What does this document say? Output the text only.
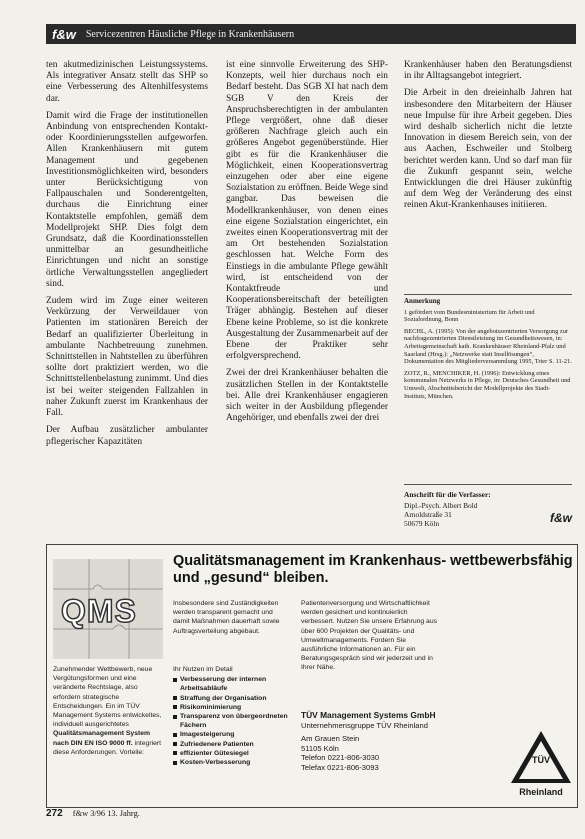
f&w	Servicezentren Häusliche Pflege in Krankenhäusern

ten akutmedizinischen Leistungssystems. Als integrativer Ansatz stellt das SHP so eine Verbesserung des Altenhilfesystems dar.

Damit wird die Frage der institutionellen Anbindung von entsprechenden Kontakt- oder Koordinierungsstellen aufgeworfen. Allen Krankenhäusern mit gutem Management und gegebenen Investitionsmöglichkeiten wird, besonders unter Berücksichtigung von Fallpauschalen und Sonderentgelten, durchaus die Einrichtung einer Kontaktstelle empfohlen, gemäß dem Modellprojekt SHP. Dies folgt dem Grundsatz, daß die Koordinationsstellen unmittelbar an gesundheitliche Einrichtungen und nicht an sonstige örtliche Verwaltungsstellen angegliedert sind.

Zudem wird im Zuge einer weiteren Verkürzung der Verweildauer von Patienten im stationären Bereich der Bedarf an qualifizierter Überleitung in ambulante Nachbetreuung zunehmen. Schnittstellen in Nahtstellen zu überführen sollte dort praktiziert werden, wo die Schnittstellenbelastung zunimmt. Und dies ist bei weiter steigenden Fallzahlen in naher Zukunft zuerst im Krankenhaus der Fall.

Der Aufbau zusätzlicher ambulanter pflegerischer Kapazitäten

ist eine sinnvolle Erweiterung des SHP-Konzepts, weil hier durchaus noch ein Bedarf besteht. Das SGB XI hat nach dem SGB V den Kreis der Anspruchsberechtigten in der ambulanten Pflege vergrößert, ohne daß dieser größeren Nachfrage gleich auch ein größeres Angebot gegenüberstünde. Hier gibt es für die Krankenhäuser die Möglichkeit, einen Kooperationsvertrag einzugehen oder aber eine eigene Sozialstation zu eröffnen. Beide Wege sind gangbar. Das beweisen die Modellkrankenhäuser, von denen eines eine eigene Sozialstation eingerichtet, ein zweites einen Kooperationsvertrag mit der am Ort bestehenden Sozialstation geschlossen hat. Welche Form des Einstiegs in die ambulante Pflege gewählt wird, ist entscheidend von der Kontaktfreude und Kooperationsbereitschaft der beteiligten Träger abhängig. Bestehen auf dieser Ebene keine Probleme, so ist die konkrete Ausgestaltung der Zusammenarbeit auf der Ebene der Praktiker sehr erfolgversprechend.

Zwei der drei Krankenhäuser behalten die zusätzlichen Stellen in der Kontaktstelle bei. Alle drei Krankenhäuser engagieren sich weiter in der Ausbildung pflegender Angehöriger, und ebenfalls zwei der drei

Krankenhäuser haben den Beratungsdienst in ihr Alltagsangebot integriert.

Die Arbeit in den dreieinhalb Jahren hat insbesondere den Mitarbeitern der Häuser neue Impulse für ihre Arbeit gegeben. Dies wird deshalb sicherlich nicht die letzte Innovation in diesem Bereich sein, von der aus Aachen, Eschweiler und Stolberg berichtet werden kann. Und so darf man für die Zukunft gespannt sein, welche Entwicklungen die drei Häuser zukünftig auf dem Weg der Veränderung des einst reinen Akut-Krankenhauses initiieren.

Anmerkung

1 gefördert vom Bundesministerium für Arbeit und Sozialordnung, Bonn

BECHL, A. (1995): Von der angebotszentrierten Versorgung zur nachfragezentrierten Dienstleistung im Gesundheitswesen, in: Arbeitsgemeinschaft kath. Krankenhäuser Rheinland-Pfalz und Saarland (Hrsg.): „Netzwerke statt Insellösungen“, Dokumentation des Mitgliederversammlung 1995, Trier S. 11-21.

ZOTZ, R., MENCHIKER, H. (1996): Entwicklung eines kommunalen Netzwerks in Pflege, in: Deutsches Gesundheit und Umwelt, Abschnittsbericht der Modellprojekte des Stadt-Instituts, München.

Anschrift für die Verfasser:
Dipl.-Psych. Albert Bold
Arnoldstraße 31
50679 Köln	f&w
QMS
Qualitätsmanagement im Krankenhaus- wettbewerbsfähig und „gesund“ bleiben.
Insbesondere sind Zuständigkeiten werden transparent gemacht und damit Maßnahmen dauerhaft sowie Auftragsverteilung abgebaut.
Patientenversorgung und Wirtschaftlichkeit werden gesichert und kontinuierlich verbessert. Nutzen Sie unsere Erfahrung aus über 600 Projekten der Qualitäts- und Umweltmanagements. Fordern Sie ausführliche Informationen an. Für ein Beratungsgespräch sind wir jederzeit und in Ihrer Nähe.
Zunehmender Wettbewerb, neue Vergütungsformen und eine veränderte Rechtslage, also erfordern strategische Entscheidungen. Ein im TÜV Management Systems entwickeltes, individuell ausgerichtetes Qualitätsmanagement System nach DIN EN ISO 9000 ff. integriert diese Anforderungen. Vorteile:
Ihr Nutzen im Detail
Verbesserung der internen Arbeitsabläufe
Straffung der Organisation
Risikominimierung
Transparenz von übergeordneten Fächern
Imagesteigerung
Zufriedenere Patienten
effizienter Gütesiegel
Kosten-Verbesserung
TÜV Management Systems GmbH
Unternehmensgruppe TÜV Rheinland
Am Grauen Stein
51105 Köln
Telefon 0221-806-3030
Telefax 0221-806-3093
TÜV
Rheinland
272 f&w 3/96 13. Jahrg.
